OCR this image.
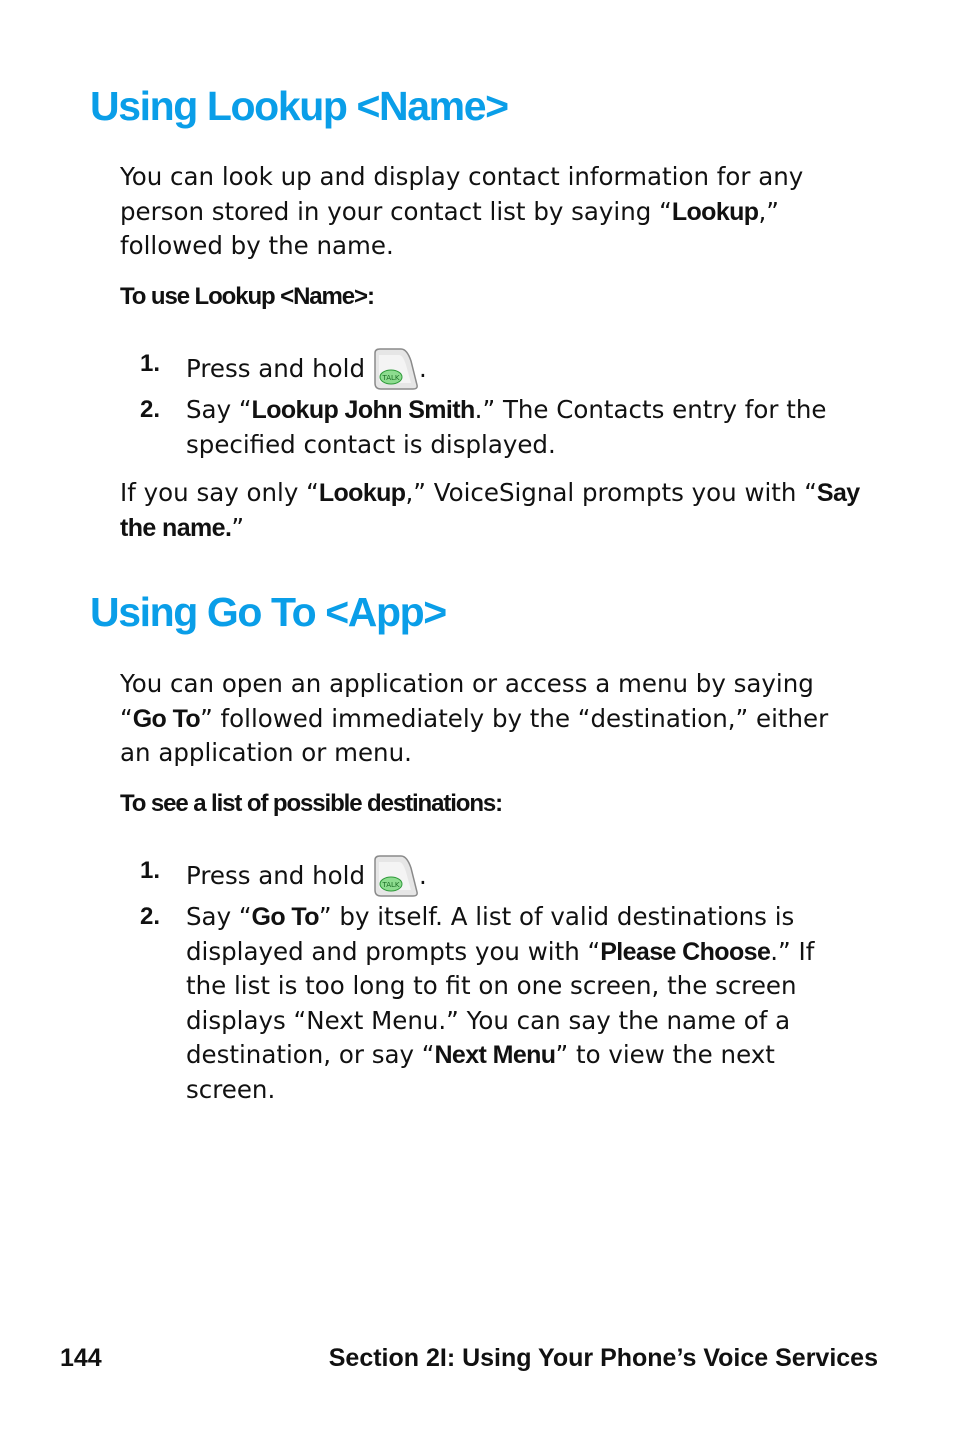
Using Lookup <Name>

You can look up and display contact information for any person stored in your contact list by saying “Lookup,” followed by the name.

To use Lookup <Name>:

1. Press and hold TALK .
2. Say “Lookup John Smith.” The Contacts entry for the specified contact is displayed.

If you say only “Lookup,” VoiceSignal prompts you with “Say the name.”

Using Go To <App>

You can open an application or access a menu by saying “Go To” followed immediately by the “destination,” either an application or menu.

To see a list of possible destinations:

1. Press and hold TALK .
2. Say “Go To” by itself. A list of valid destinations is displayed and prompts you with “Please Choose.” If the list is too long to fit on one screen, the screen displays “Next Menu.” You can say the name of a destination, or say “Next Menu” to view the next screen.
144	Section 2I: Using Your Phone’s Voice Services
